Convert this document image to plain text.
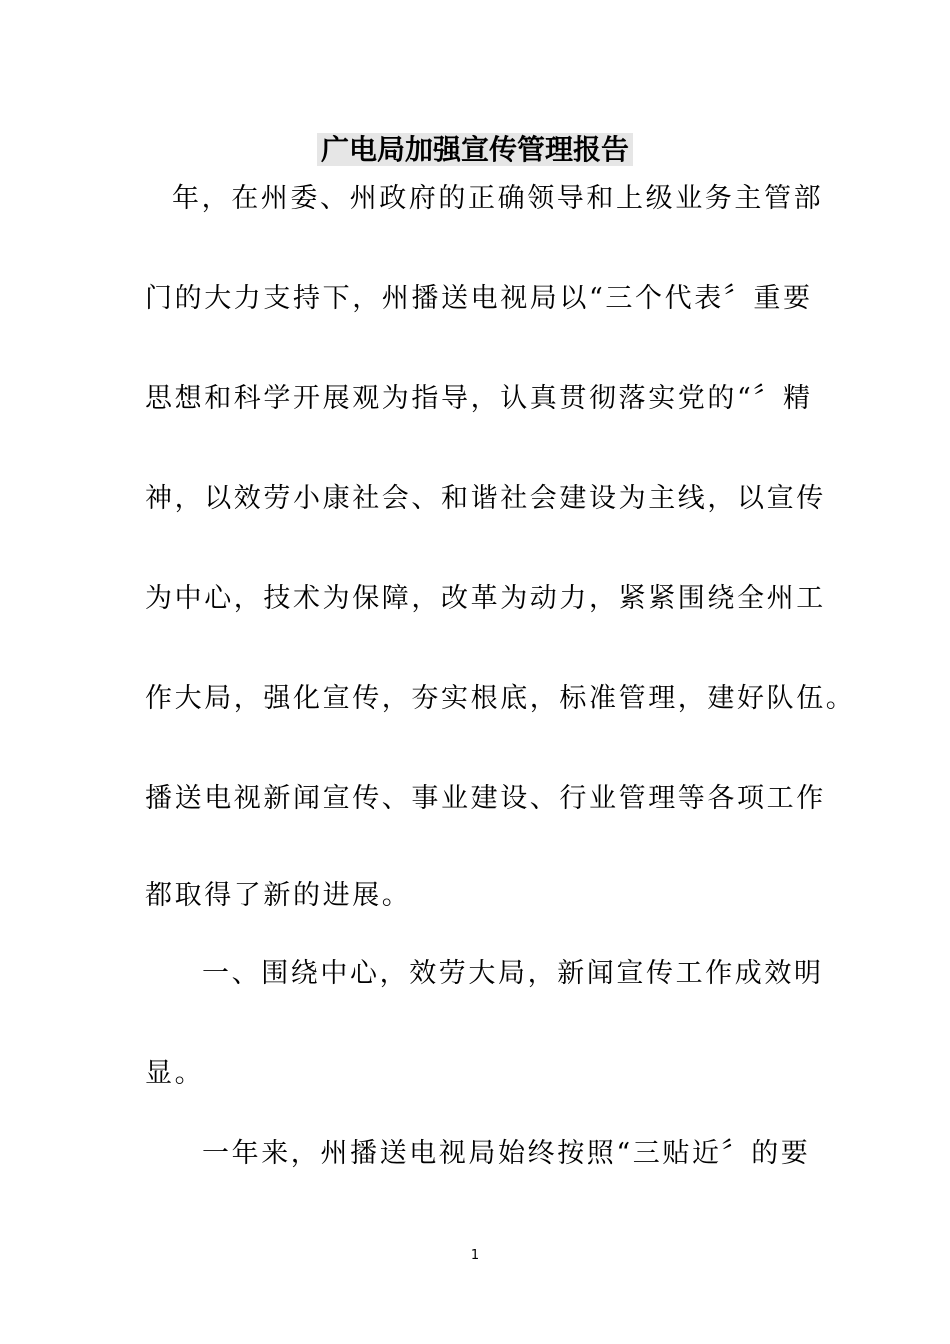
广电局加强宣传管理报告
年，在州委、州政府的正确领导和上级业务主管部
门的大力支持下，州播送电视局以“三个代表〞重要
思想和科学开展观为指导，认真贯彻落实党的“〞精
神，以效劳小康社会、和谐社会建设为主线，以宣传
为中心，技术为保障，改革为动力，紧紧围绕全州工
作大局，强化宣传，夯实根底，标准管理，建好队伍。
播送电视新闻宣传、事业建设、行业管理等各项工作
都取得了新的进展。
一、围绕中心，效劳大局，新闻宣传工作成效明
显。
一年来，州播送电视局始终按照“三贴近〞的要
1
